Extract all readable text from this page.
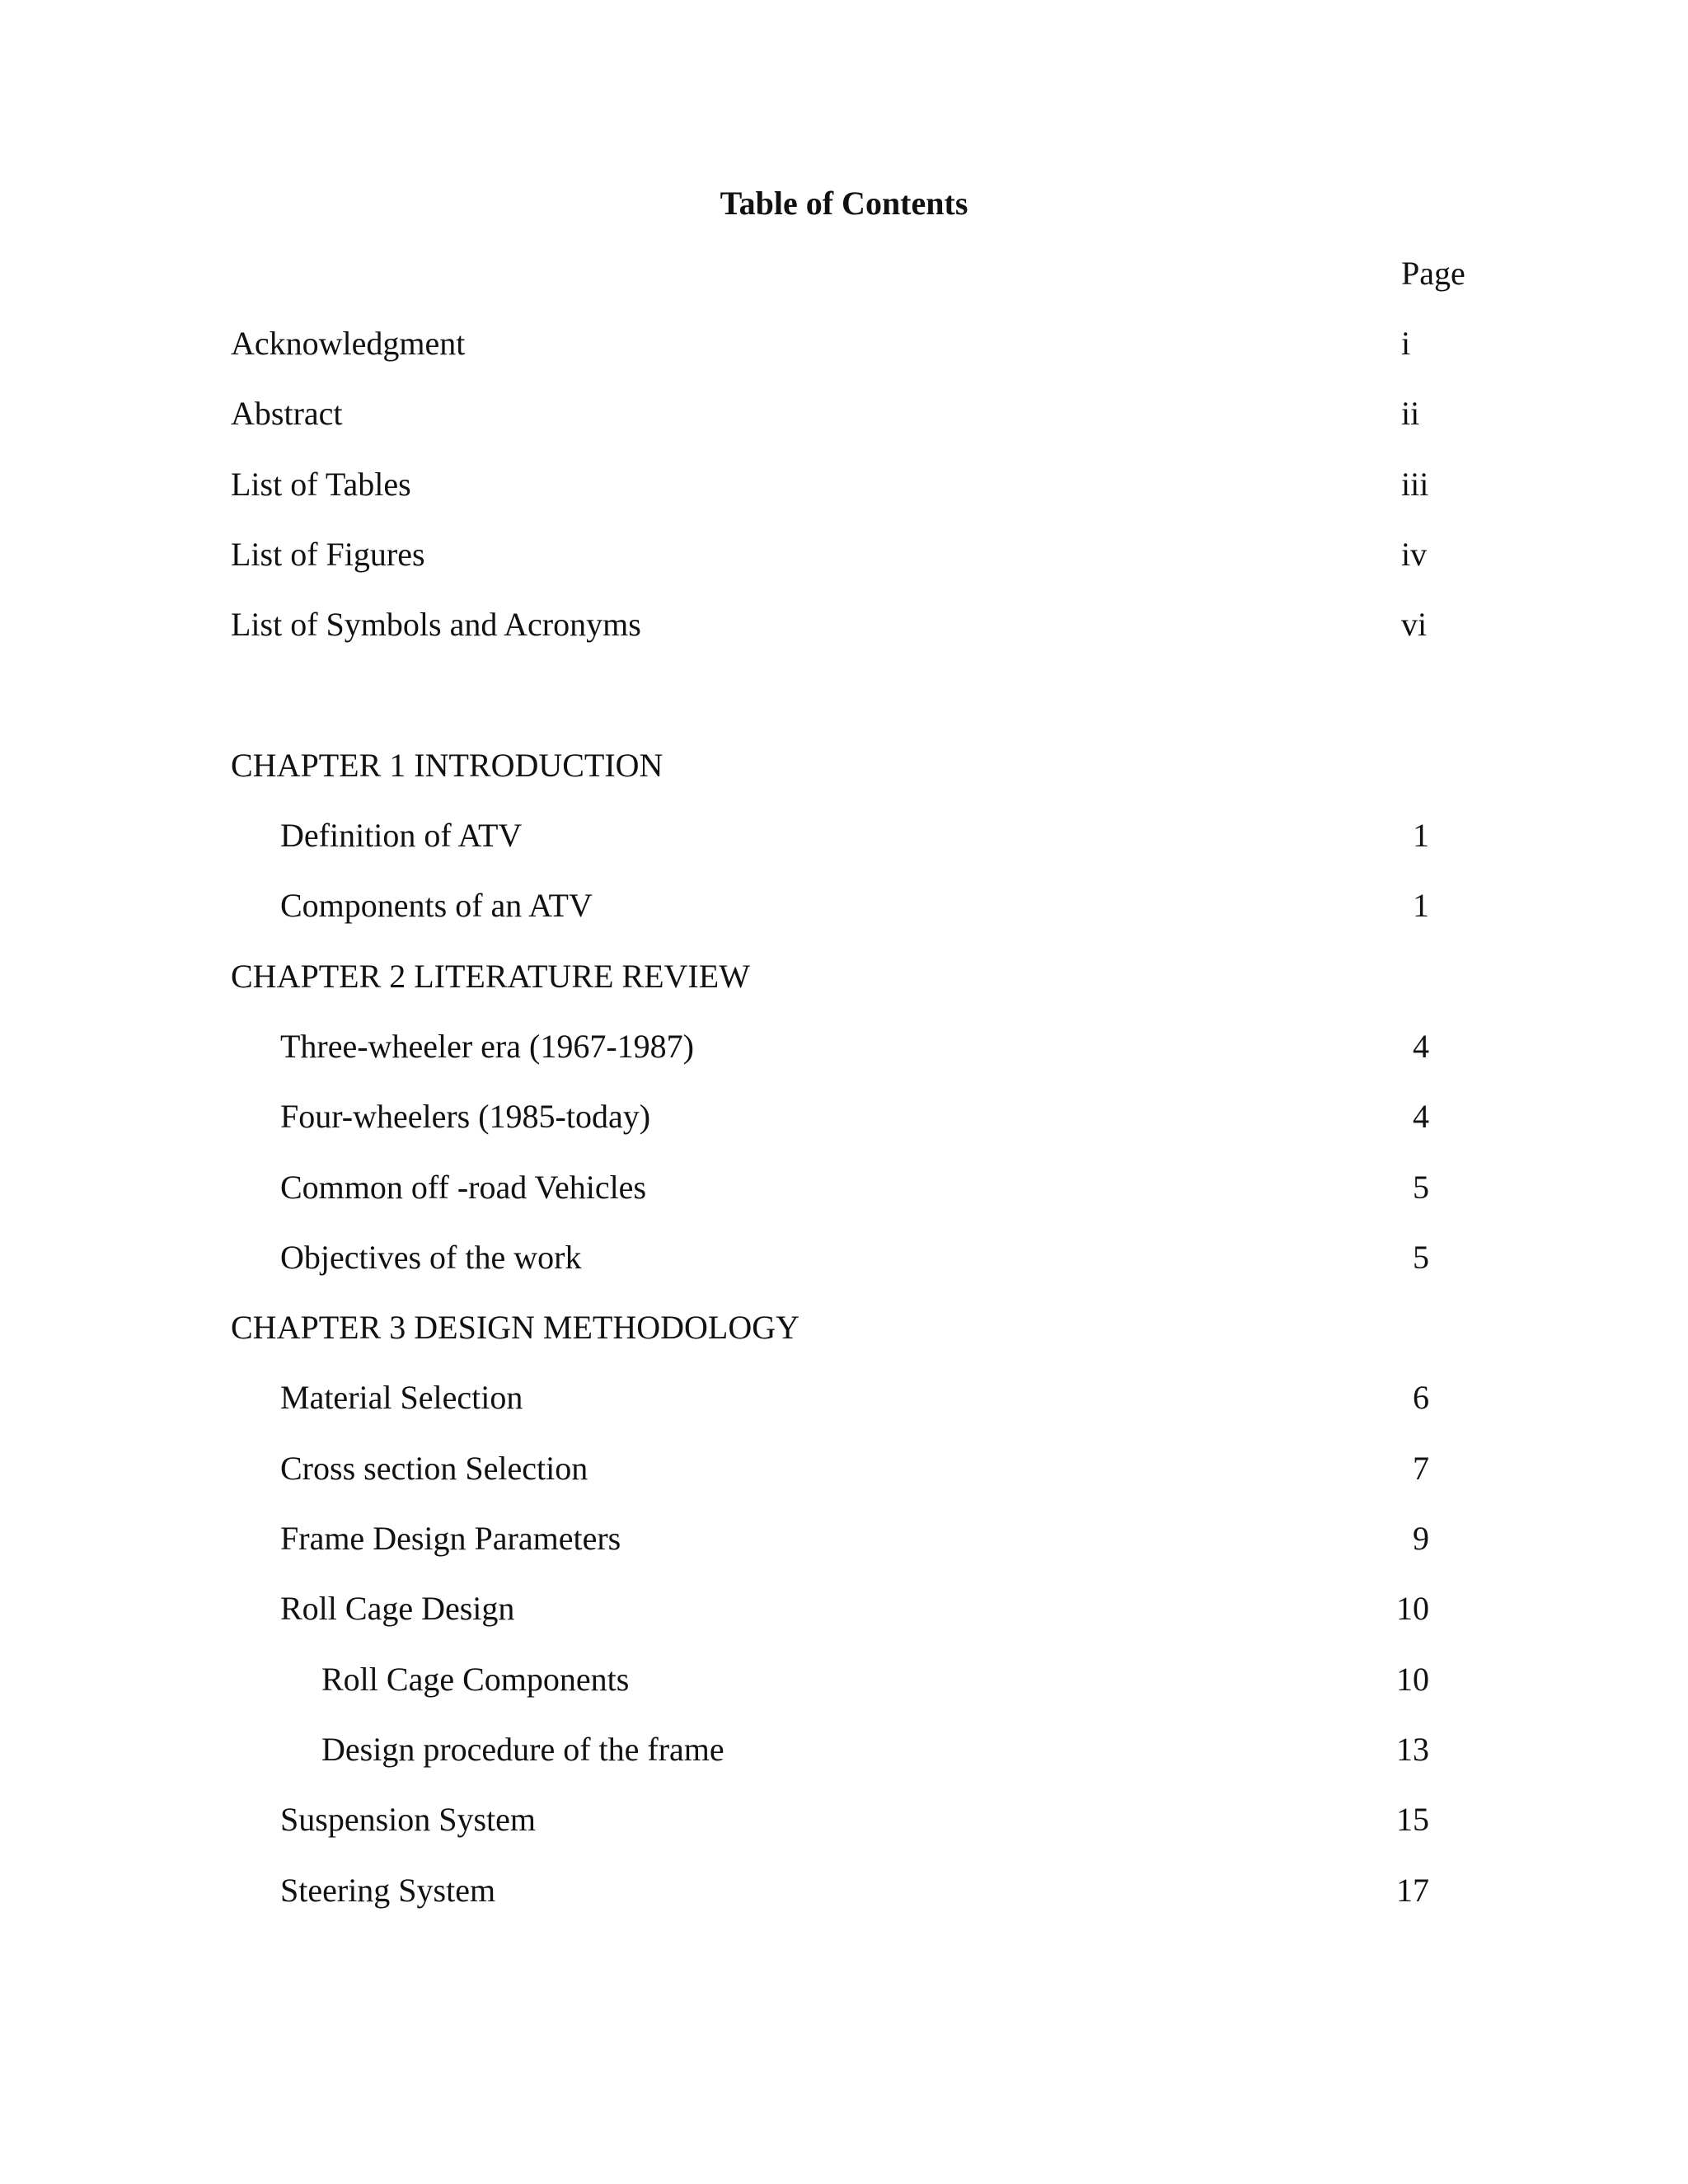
Table of Contents
Page
Acknowledgment	i
Abstract	ii
List of Tables	iii
List of Figures	iv
List of Symbols and Acronyms	vi
CHAPTER 1 INTRODUCTION
Definition of ATV	1
Components of an ATV	1
CHAPTER 2 LITERATURE REVIEW
Three-wheeler era (1967-1987)	4
Four-wheelers (1985-today)	4
Common off -road Vehicles	5
Objectives of the work	5
CHAPTER 3 DESIGN METHODOLOGY
Material Selection	6
Cross section Selection	7
Frame Design Parameters	9
Roll Cage Design	10
Roll Cage Components	10
Design procedure of the frame	13
Suspension System	15
Steering System	17
